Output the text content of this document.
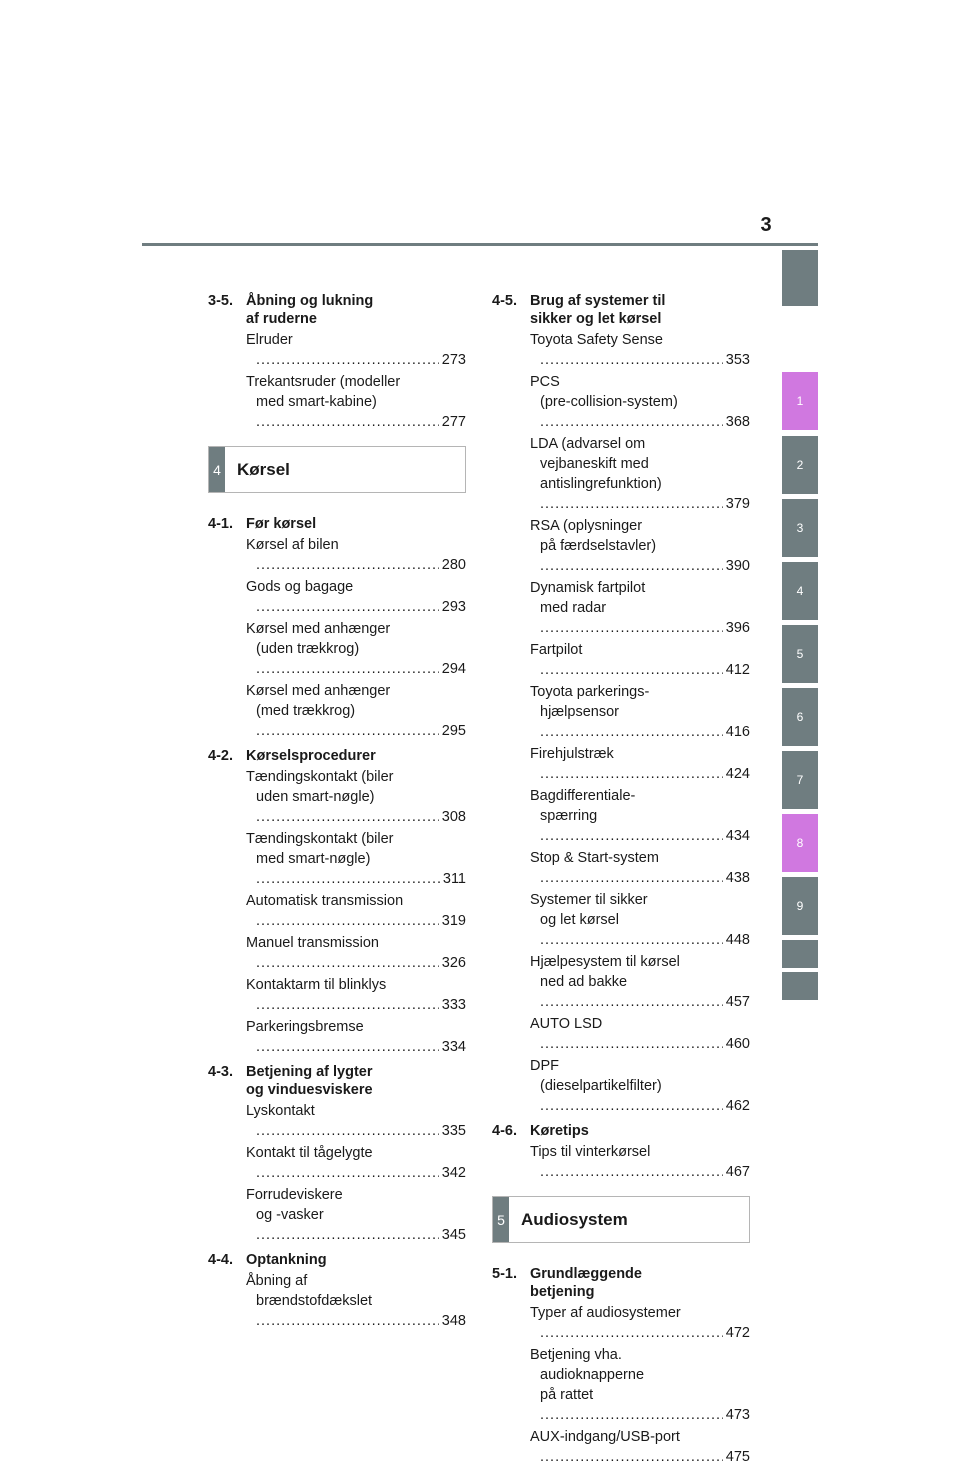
3
1
2
3
4
5
6
7
8
9
3-5. Åbning og lukning
af ruderne
Elruder .....
273
Trekantsruder (modeller
med smart-kabine) .....
277
4 Kørsel
4-1. Før kørsel
Kørsel af bilen .....
280
Gods og bagage .....
293
Kørsel med anhænger
(uden trækkrog) .....
294
Kørsel med anhænger
(med trækkrog) .....
295
4-2. Kørselsprocedurer
Tændingskontakt (biler
uden smart-nøgle) .....
308
Tændingskontakt (biler
med smart-nøgle) .....
311
Automatisk transmission .....
319
Manuel transmission .....
326
Kontaktarm til blinklys .....
333
Parkeringsbremse .....
334
4-3. Betjening af lygter
og vinduesviskere
Lyskontakt .....
335
Kontakt til tågelygte .....
342
Forrudeviskere
og -vasker .....
345
4-4. Optankning
Åbning af
brændstofdækslet .....
348
4-5. Brug af systemer til
sikker og let kørsel
Toyota Safety Sense .....
353
PCS
(pre-collision-system) .....
368
LDA (advarsel om
vejbaneskift med
antislingrefunktion) .....
379
RSA (oplysninger
på færdselstavler) .....
390
Dynamisk fartpilot
med radar .....
396
Fartpilot .....
412
Toyota parkerings-
hjælpsensor .....
416
Firehjulstræk .....
424
Bagdifferentiale-
spærring .....
434
Stop & Start-system .....
438
Systemer til sikker
og let kørsel .....
448
Hjælpesystem til kørsel
ned ad bakke .....
457
AUTO LSD .....
460
DPF
(dieselpartikelfilter) .....
462
4-6. Køretips
Tips til vinterkørsel .....
467
5 Audiosystem
5-1. Grundlæggende
betjening
Typer af audiosystemer .....
472
Betjening vha.
audioknapperne
på rattet .....
473
AUX-indgang/USB-port .....
475
